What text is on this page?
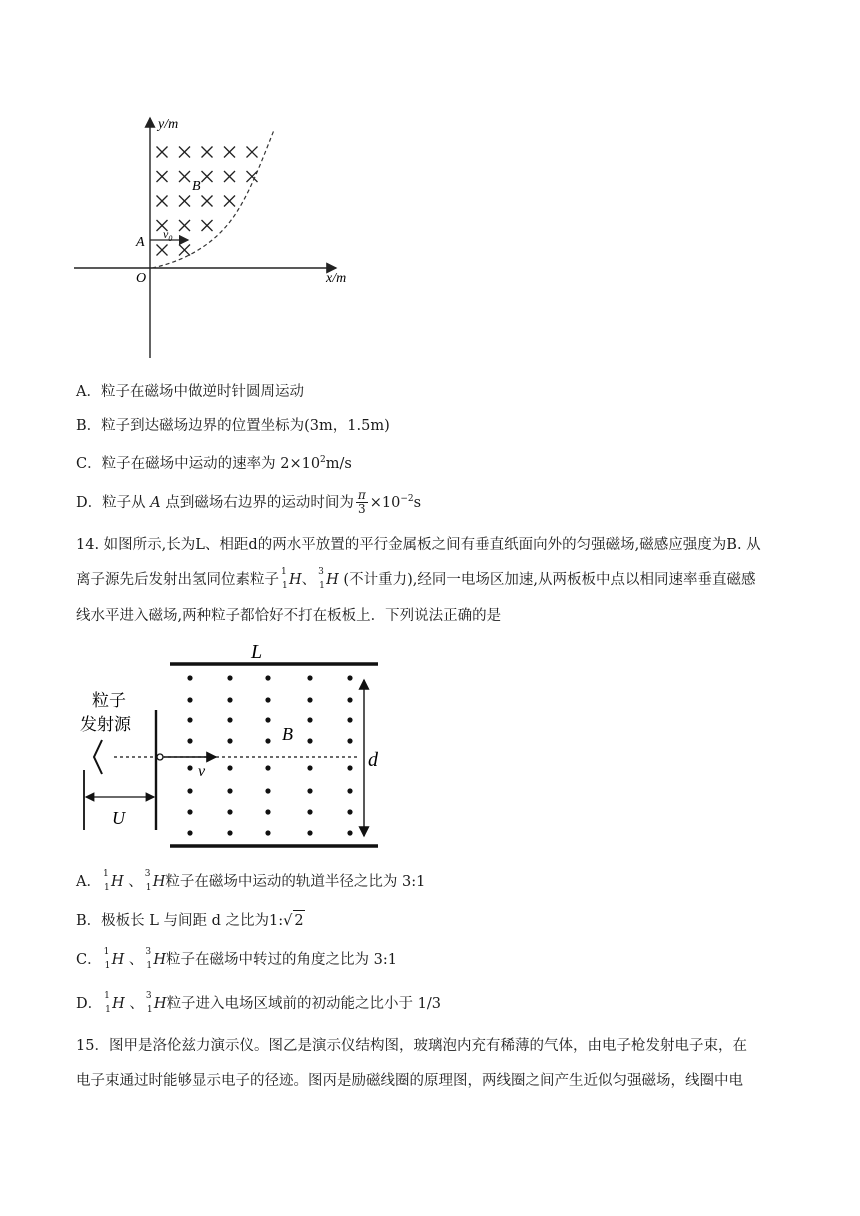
y/m
x/m
O
A
B
$v_0$
A．粒子在磁场中做逆时针圆周运动
B．粒子到达磁场边界的位置坐标为(3m，1.5m)
C．粒子在磁场中运动的速率为 $2\times 10^2m/s$
D．粒子从 A 点到磁场右边界的运动时间为 $\frac{\pi}{3} \times 10^{-2}s$
14. 如图所示,长为L、相距d的两水平放置的平行金属板之间有垂直纸面向外的匀强磁场,磁感应强度为B. 从
离子源先后发射出氢同位素粒子 1
1 H、 3
1 H (不计重力),经同一电场区加速,从两板板中点以相同速率垂直磁感
线水平进入磁场,两种粒子都恰好不打在板板上．下列说法正确的是
L
d
v
B
U
粒子
发射源
A． 1
1 H 、 3
1 H粒子在磁场中运动的轨道半径之比为 3:1
B．极板长 L 与间距 d 之比为1:√ 2
C． 1
1 H 、 3
1 H粒子在磁场中转过的角度之比为 3:1
D． 1
1 H 、 3
1 H粒子进入电场区域前的初动能之比小于 1/3
15．图甲是洛伦兹力演示仪。图乙是演示仪结构图，玻璃泡内充有稀薄的气体，由电子枪发射电子束，在
电子束通过时能够显示电子的径迹。图丙是励磁线圈的原理图，两线圈之间产生近似匀强磁场，线圈中电
